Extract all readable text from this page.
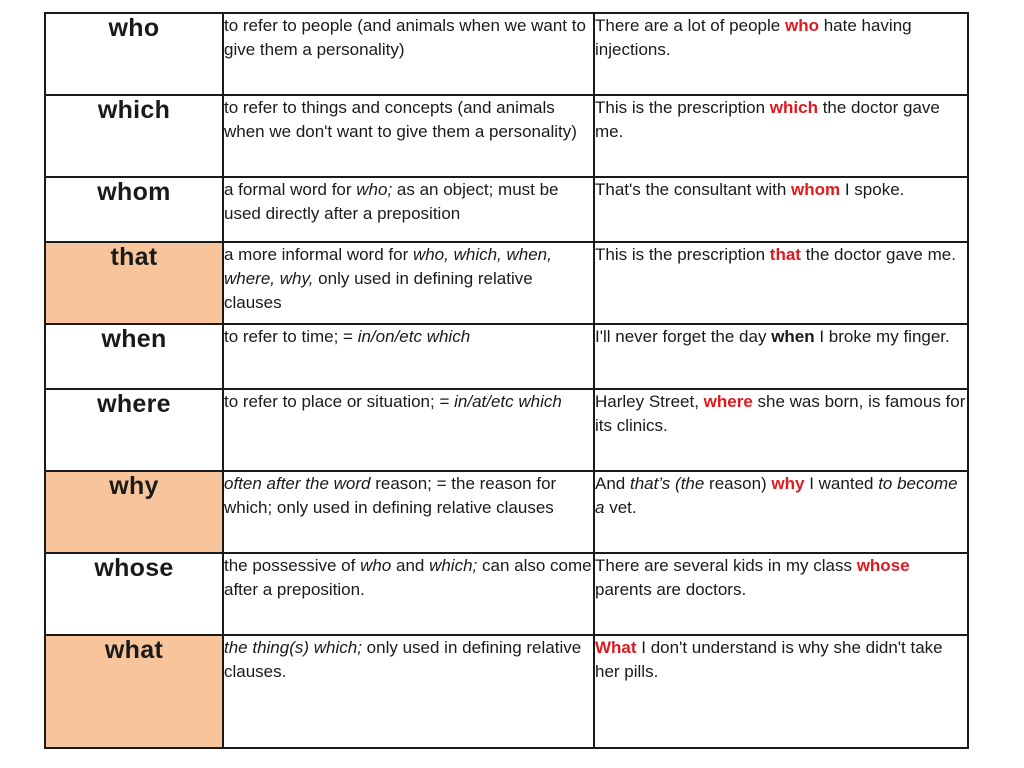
who	to refer to people (and animals when we want to give them a personality)	There are a lot of people who hate having injections.
which	to refer to things and concepts (and animals when we don't want to give them a personality)	This is the prescription which the doctor gave me.
whom	a formal word for who; as an object; must be used directly after a preposition	That's the consultant with whom I spoke.
that	a more informal word for who, which, when, where, why, only used in defining relative clauses	This is the prescription that the doctor gave me.
when	to refer to time; = in/on/etc which	I'll never forget the day when I broke my finger.
where	to refer to place or situation; = in/at/etc which	Harley Street, where she was born, is famous for its clinics.
why	often after the word reason; = the reason for which; only used in defining relative clauses	And that’s (the reason) why I wanted to become a vet.
whose	the possessive of who and which; can also come after a preposition.	There are several kids in my class whose parents are doctors.
what	the thing(s) which; only used in defining relative clauses.	What I don't understand is why she didn't take her pills.
